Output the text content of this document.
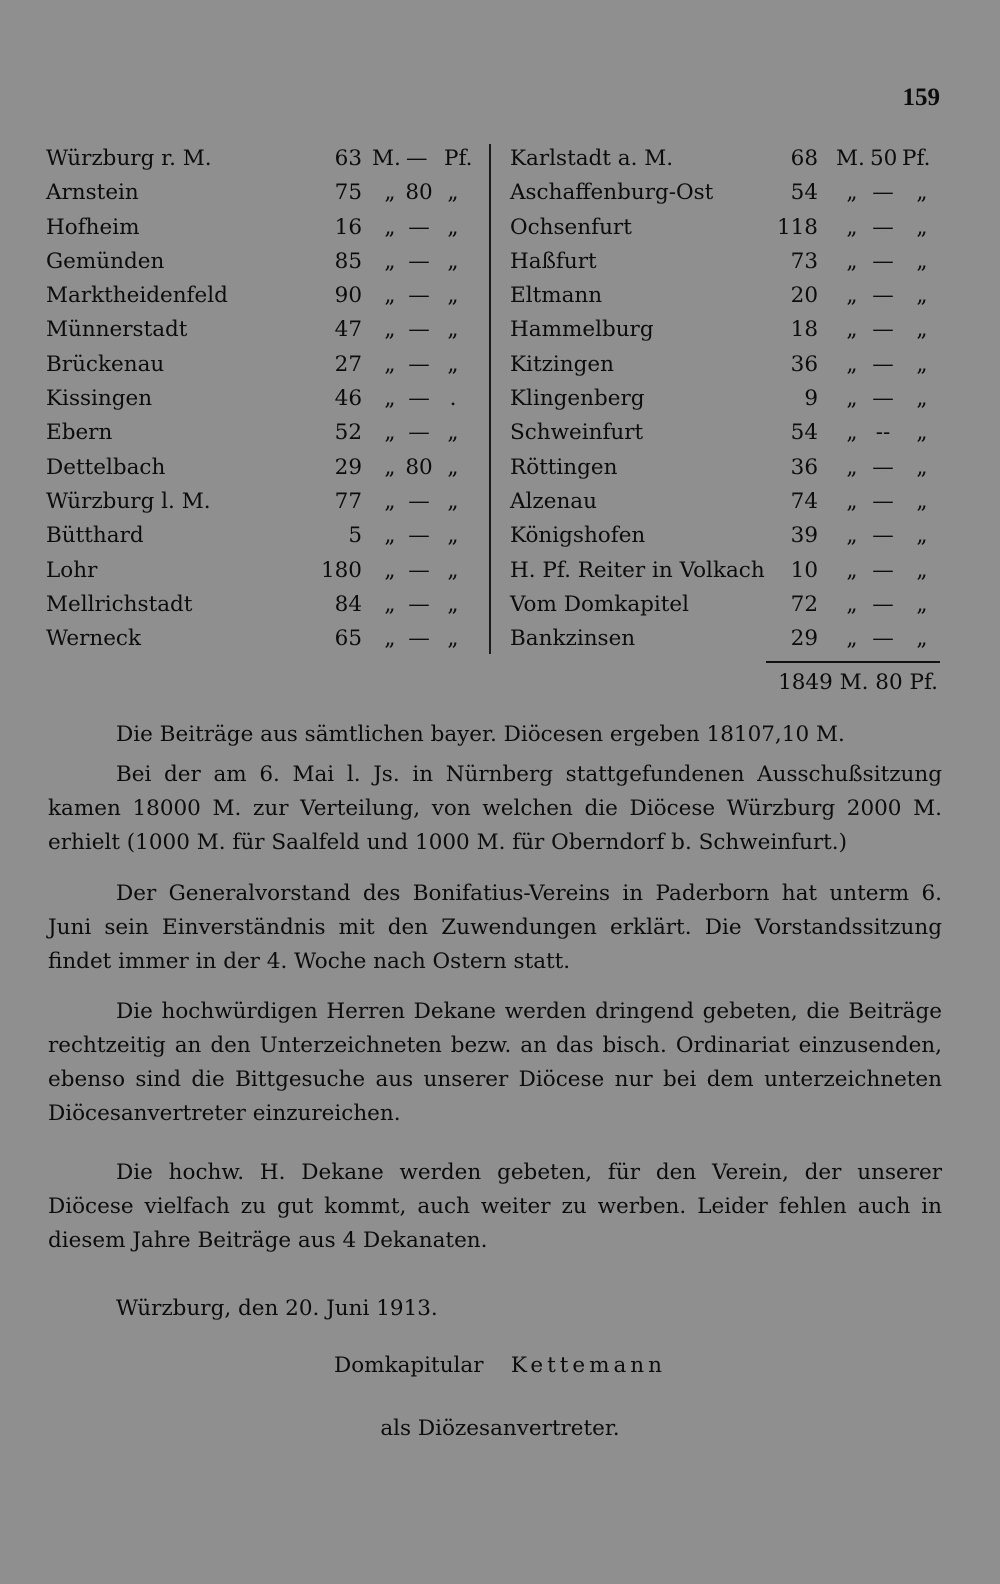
159
Würzburg r. M.	63 M. — Pf.
Arnstein	75	„ 80 „
Hofheim	16	„ — „
Gemünden	85	„ — „
Marktheidenfeld	90	„ — „
Münnerstadt	47	„ — „
Brückenau	27	„ — „
Kissingen	46	„ — .
Ebern	52	„ — „
Dettelbach	29	„ 80 „
Würzburg l. M.	77	„ — „
Bütthard	5	„ — „
Lohr	180	„ — „
Mellrichstadt	84	„ — „
Werneck	65	„ — „
Karlstadt a. M.	68 M. 50 Pf.
Aschaffenburg-Ost	54	„ —	„
Ochsenfurt	118	„ —	„
Haßfurt	73	„ —	„
Eltmann	20	„ —	„
Hammelburg	18	„ —	„
Kitzingen	36	„ —	„
Klingenberg	9	„ —	„
Schweinfurt	54	„ --	„
Röttingen	36	„ —	„
Alzenau	74	„ —	„
Königshofen	39	„ —	„
H. Pf. Reiter in Volkach 10	„ —	„
Vom Domkapitel	72	„ —	„
Bankzinsen	29	„ —	„
1849 M. 80 Pf.

Die Beiträge aus sämtlichen bayer. Diöcesen ergeben 18107,10 M.

Bei der am 6. Mai l. Js. in Nürnberg stattgefundenen Ausschußsitzung kamen 18000 M. zur Verteilung, von welchen die Diöcese Würzburg 2000 M. erhielt (1000 M. für Saalfeld und 1000 M. für Oberndorf b. Schweinfurt.)

Der Generalvorstand des Bonifatius-Vereins in Paderborn hat unterm 6. Juni sein Einverständnis mit den Zuwendungen erklärt. Die Vorstandssitzung findet immer in der 4. Woche nach Ostern statt.

Die hochwürdigen Herren Dekane werden dringend gebeten, die Beiträge rechtzeitig an den Unterzeichneten bezw. an das bisch. Ordinariat einzusenden, ebenso sind die Bittgesuche aus unserer Diöcese nur bei dem unterzeichneten Diöcesanvertreter einzureichen.

Die hochw. H. Dekane werden gebeten, für den Verein, der unserer Diöcese vielfach zu gut kommt, auch weiter zu werben. Leider fehlen auch in diesem Jahre Beiträge aus 4 Dekanaten.

Würzburg, den 20. Juni 1913.
Domkapitular Kettemann
als Diözesanvertreter.
